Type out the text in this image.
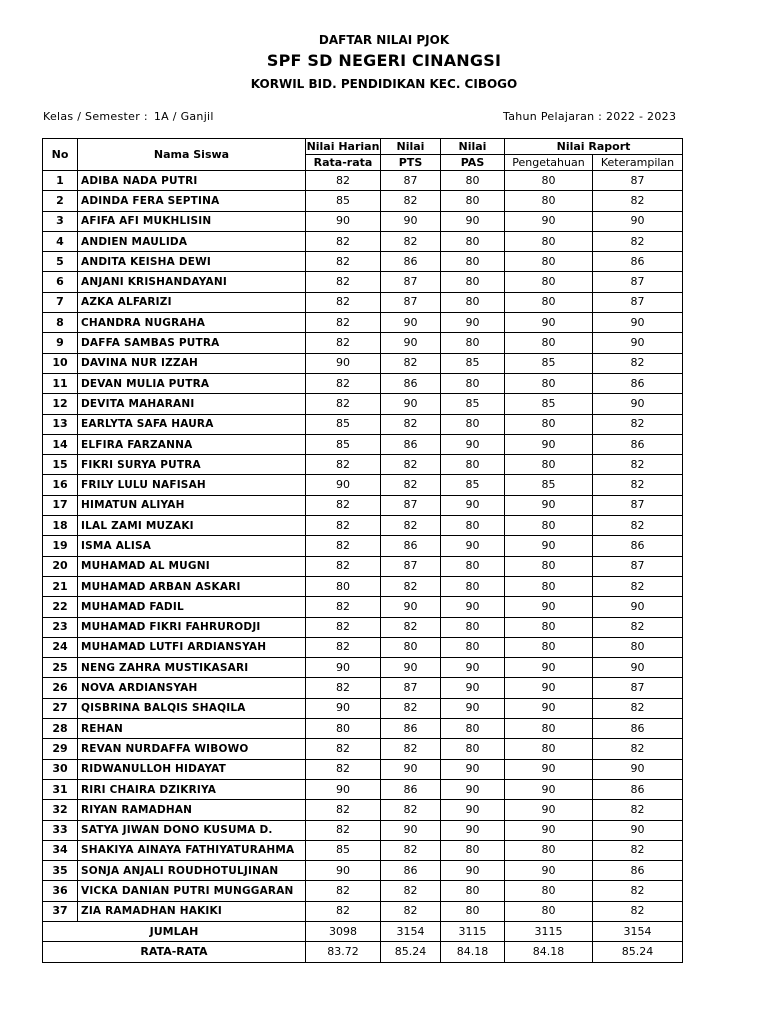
DAFTAR NILAI PJOK
SPF SD NEGERI CINANGSI
KORWIL BID. PENDIDIKAN KEC. CIBOGO
Kelas / Semester : 1A / Ganjil	Tahun Pelajaran : 2022 - 2023
No	Nama Siswa	Nilai Harian	Nilai	Nilai	Nilai Raport	
		Rata-rata	PTS	PAS	Pengetahuan	Keterampilan
1	ADIBA NADA PUTRI	82	87	80	80	87
2	ADINDA FERA SEPTINA	85	82	80	80	82
3	AFIFA AFI MUKHLISIN	90	90	90	90	90
4	ANDIEN MAULIDA	82	82	80	80	82
5	ANDITA KEISHA DEWI	82	86	80	80	86
6	ANJANI KRISHANDAYANI	82	87	80	80	87
7	AZKA ALFARIZI	82	87	80	80	87
8	CHANDRA NUGRAHA	82	90	90	90	90
9	DAFFA SAMBAS PUTRA	82	90	80	80	90
10	DAVINA NUR IZZAH	90	82	85	85	82
11	DEVAN MULIA PUTRA	82	86	80	80	86
12	DEVITA MAHARANI	82	90	85	85	90
13	EARLYTA SAFA HAURA	85	82	80	80	82
14	ELFIRA FARZANNA	85	86	90	90	86
15	FIKRI SURYA PUTRA	82	82	80	80	82
16	FRILY LULU NAFISAH	90	82	85	85	82
17	HIMATUN ALIYAH	82	87	90	90	87
18	ILAL ZAMI MUZAKI	82	82	80	80	82
19	ISMA ALISA	82	86	90	90	86
20	MUHAMAD AL MUGNI	82	87	80	80	87
21	MUHAMAD ARBAN ASKARI	80	82	80	80	82
22	MUHAMAD FADIL	82	90	90	90	90
23	MUHAMAD FIKRI FAHRURODJI	82	82	80	80	82
24	MUHAMAD LUTFI ARDIANSYAH	82	80	80	80	80
25	NENG ZAHRA MUSTIKASARI	90	90	90	90	90
26	NOVA ARDIANSYAH	82	87	90	90	87
27	QISBRINA BALQIS SHAQILA	90	82	90	90	82
28	REHAN	80	86	80	80	86
29	REVAN NURDAFFA WIBOWO	82	82	80	80	82
30	RIDWANULLOH HIDAYAT	82	90	90	90	90
31	RIRI CHAIRA DZIKRIYA	90	86	90	90	86
32	RIYAN RAMADHAN	82	82	90	90	82
33	SATYA JIWAN DONO KUSUMA D.	82	90	90	90	90
34	SHAKIYA AINAYA FATHIYATURAHMA	85	82	80	80	82
35	SONJA ANJALI ROUDHOTULJINAN	90	86	90	90	86
36	VICKA DANIAN PUTRI MUNGGARAN	82	82	80	80	82
37	ZIA RAMADHAN HAKIKI	82	82	80	80	82
JUMLAH		3098	3154	3115	3115	3154
RATA-RATA		83.72	85.24	84.18	84.18	85.24
